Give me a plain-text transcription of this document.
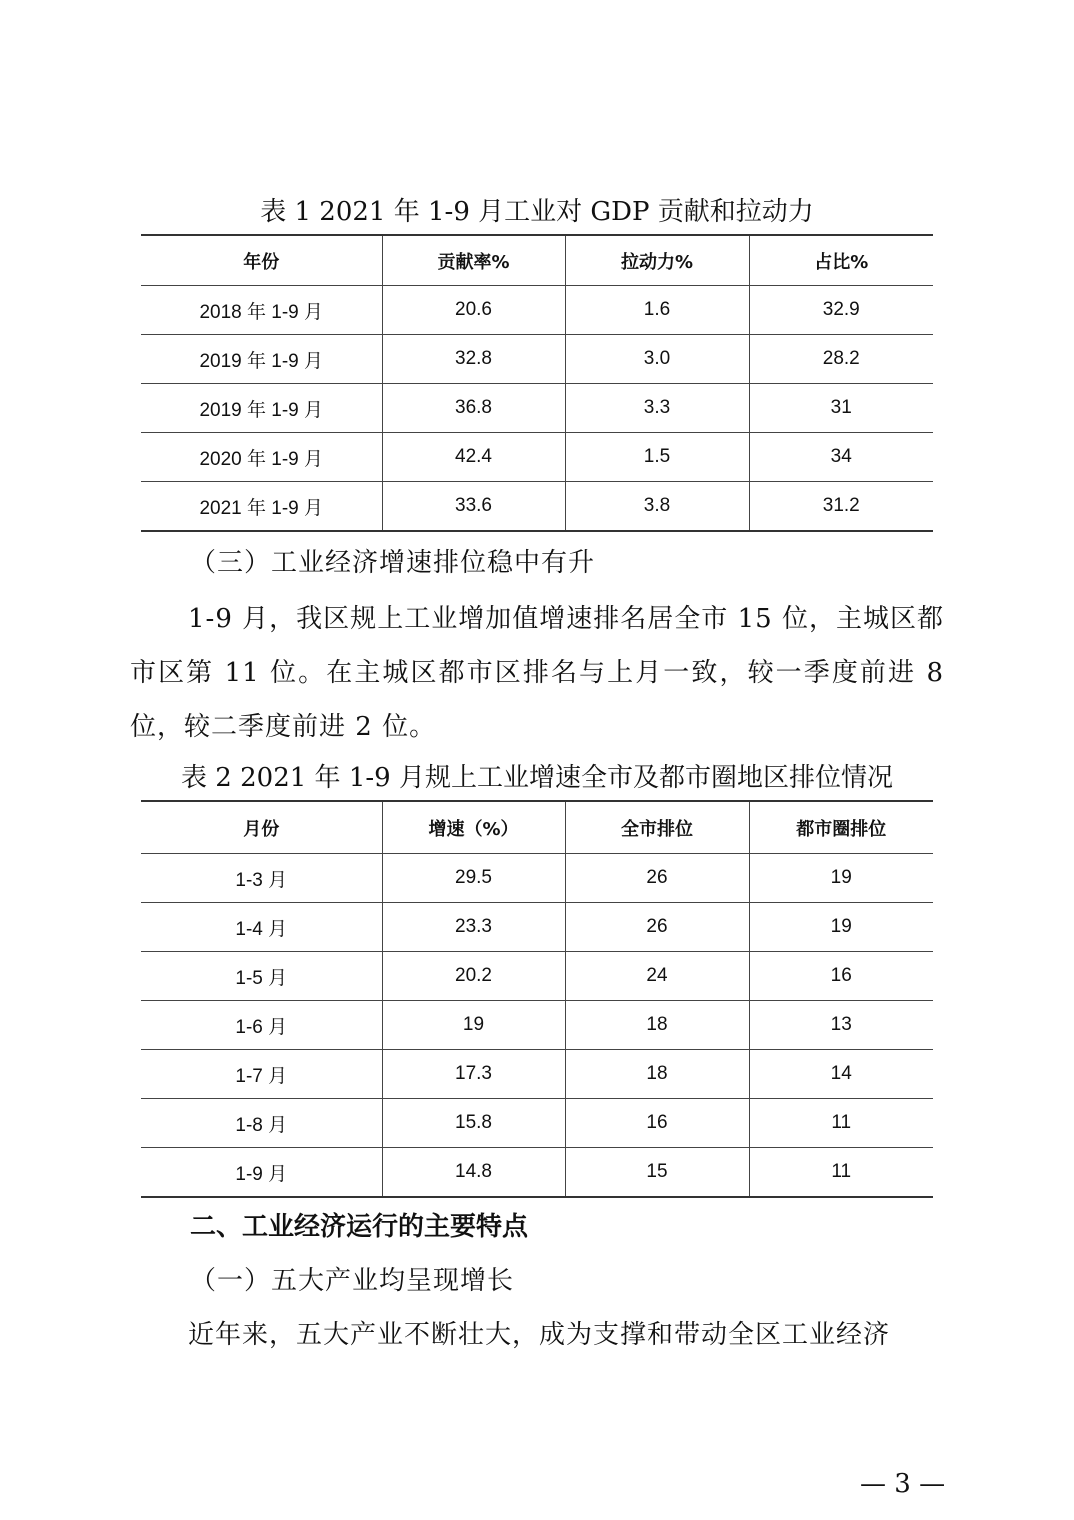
表 1 2021 年 1-9 月工业对 GDP 贡献和拉动力
年份	贡献率%	拉动力%	占比%
2018 年 1-9 月	20.6	1.6	32.9
2019 年 1-9 月	32.8	3.0	28.2
2019 年 1-9 月	36.8	3.3	31
2020 年 1-9 月	42.4	1.5	34
2021 年 1-9 月	33.6	3.8	31.2
（三）工业经济增速排位稳中有升
1-9 月，我区规上工业增加值增速排名居全市 15 位，主城区都市区第 11 位。在主城区都市区排名与上月一致，较一季度前进 8 位，较二季度前进 2 位。
表 2 2021 年 1-9 月规上工业增速全市及都市圈地区排位情况
月份	增速（%）	全市排位	都市圈排位
1-3 月	29.5	26	19
1-4 月	23.3	26	19
1-5 月	20.2	24	16
1-6 月	19	18	13
1-7 月	17.3	18	14
1-8 月	15.8	16	11
1-9 月	14.8	15	11
二、工业经济运行的主要特点
（一）五大产业均呈现增长
近年来，五大产业不断壮大，成为支撑和带动全区工业经济
— 3 —
